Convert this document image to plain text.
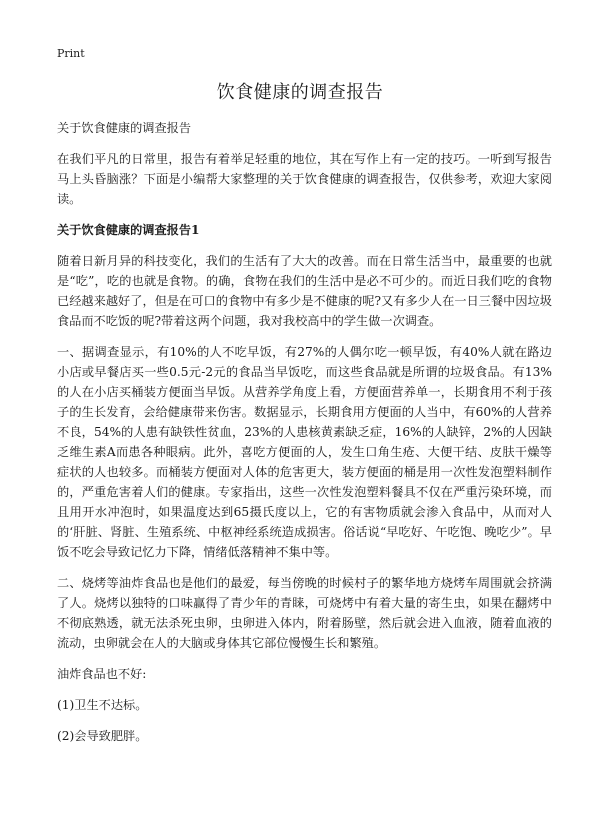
Print
饮食健康的调查报告

关于饮食健康的调查报告

在我们平凡的日常里，报告有着举足轻重的地位，其在写作上有一定的技巧。一听到写报告马上头昏脑涨？下面是小编帮大家整理的关于饮食健康的调查报告，仅供参考，欢迎大家阅读。

关于饮食健康的调查报告1

随着日新月异的科技变化，我们的生活有了大大的改善。而在日常生活当中，最重要的也就是“吃”，吃的也就是食物。的确，食物在我们的生活中是必不可少的。而近日我们吃的食物已经越来越好了，但是在可口的食物中有多少是不健康的呢?又有多少人在一日三餐中因垃圾食品而不吃饭的呢?带着这两个问题，我对我校高中的学生做一次调查。

一、据调查显示，有10%的人不吃早饭，有27%的人偶尔吃一顿早饭，有40%人就在路边小店或早餐店买一些0.5元-2元的食品当早饭吃，而这些食品就是所谓的垃圾食品。有13%的人在小店买桶装方便面当早饭。从营养学角度上看，方便面营养单一，长期食用不利于孩子的生长发育，会给健康带来伤害。数据显示，长期食用方便面的人当中，有60%的人营养不良，54%的人患有缺铁性贫血，23%的人患核黄素缺乏症，16%的人缺锌，2%的人因缺乏维生素A而患各种眼病。此外，喜吃方便面的人，发生口角生疮、大便干结、皮肤干燥等症状的人也较多。而桶装方便面对人体的危害更大，装方便面的桶是用一次性发泡塑料制作的，严重危害着人们的健康。专家指出，这些一次性发泡塑料餐具不仅在严重污染环境，而且用开水冲泡时，如果温度达到65摄氏度以上，它的有害物质就会渗入食品中，从而对人的‘肝脏、肾脏、生殖系统、中枢神经系统造成损害。俗话说“早吃好、午吃饱、晚吃少”。早饭不吃会导致记忆力下降，情绪低落精神不集中等。

二、烧烤等油炸食品也是他们的最爱，每当傍晚的时候村子的繁华地方烧烤车周围就会挤满了人。烧烤以独特的口味赢得了青少年的青睐，可烧烤中有着大量的寄生虫，如果在翻烤中不彻底熟透，就无法杀死虫卵，虫卵进入体内，附着肠壁，然后就会进入血液，随着血液的流动，虫卵就会在人的大脑或身体其它部位慢慢生长和繁殖。

油炸食品也不好:

(1)卫生不达标。

(2)会导致肥胖。
